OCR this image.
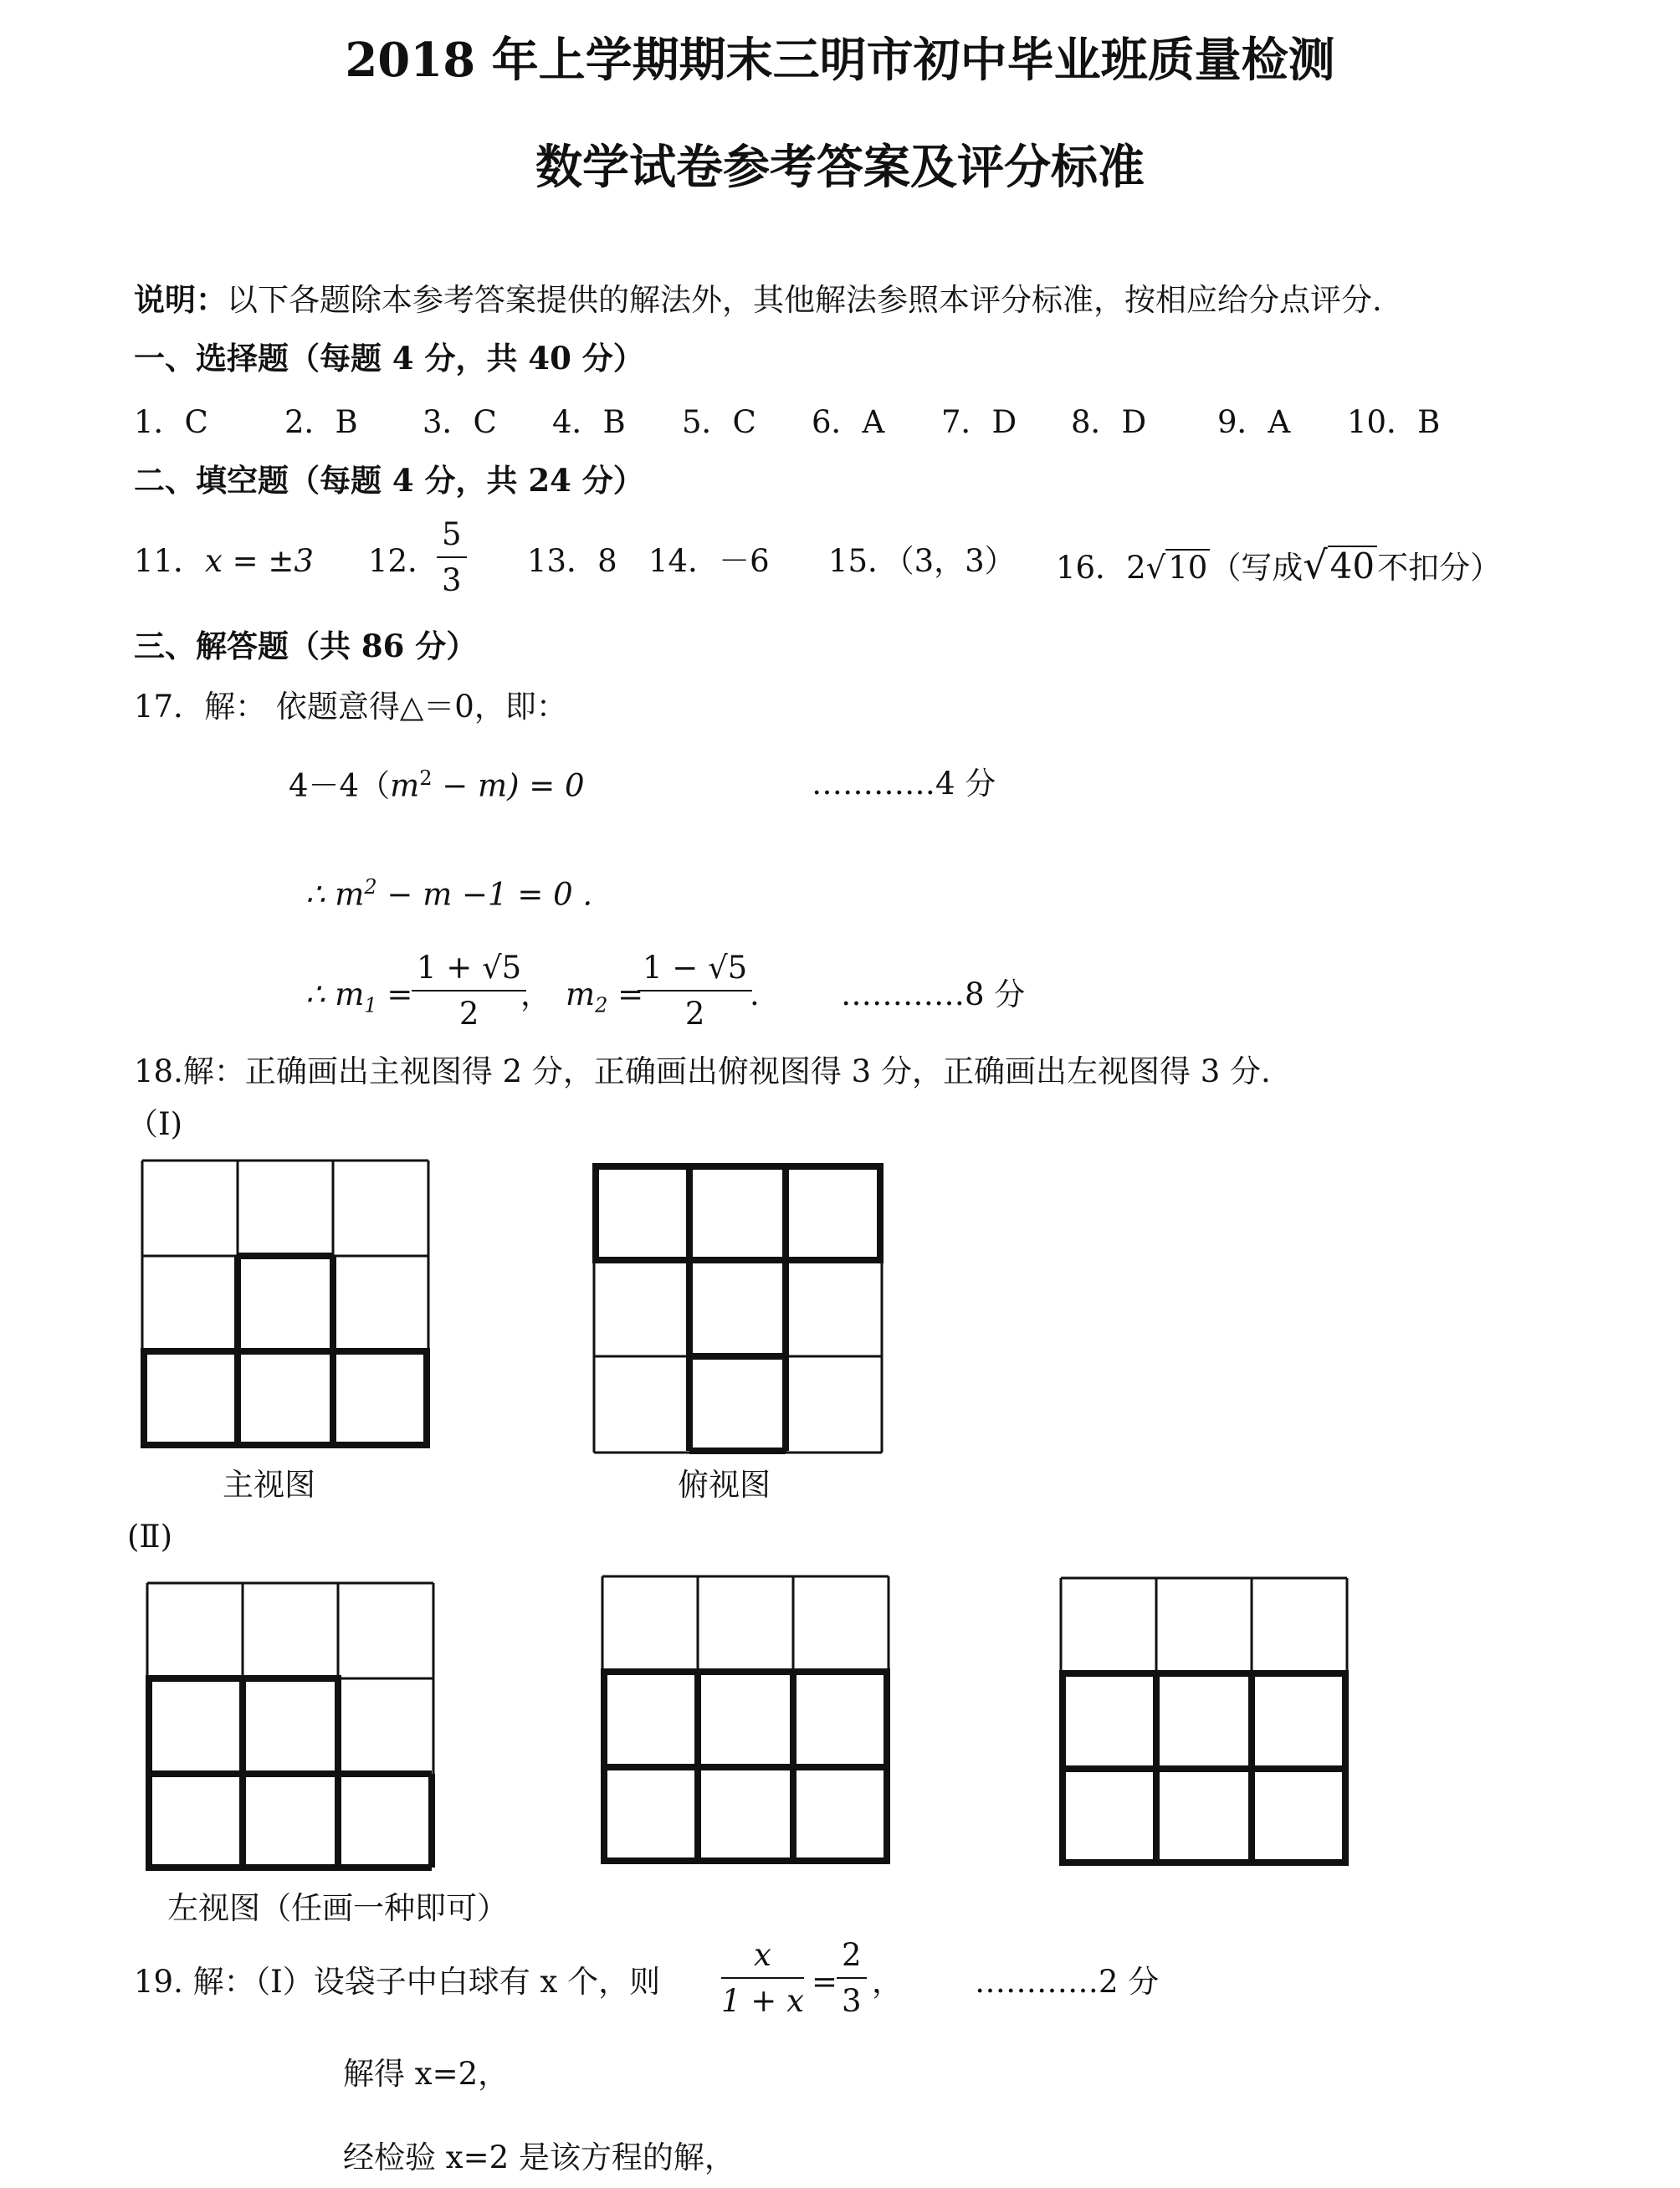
2018 年上学期期末三明市初中毕业班质量检测
数学试卷参考答案及评分标准
说明：以下各题除本参考答案提供的解法外，其他解法参照本评分标准，按相应给分点评分.
一、选择题（每题 4 分，共 40 分）
1．C 2．B 3．C 4．B 5．C 6．A 7．D 8．D 9．A 10．B
二、填空题（每题 4 分，共 24 分）
11． x = ±3 12．
$\frac{5}{3} 13$．8 14．－6 15．（3，3） 16．2√10（写成√40不扣分）
三、解答题（共 86 分）
17．解： 依题意得△＝0，即：
$4-4(m^2 - m) = 0$	…………4 分
∴ $m^2 - m -1 = 0$ .
∴ $m_1$ =
$\frac{1 + √5}{2}$
， $m_2$ =
$\frac{1 - √5}{2}$
.	…………8 分
18.解：正确画出主视图得 2 分，正确画出俯视图得 3 分，正确画出左视图得 3 分.
（Ⅰ)
主视图	俯视图
(Ⅱ)
左视图（任画一种即可）
19. 解：（Ⅰ）设袋子中白球有 x 个，则 $\frac{x}{1 + x}$ =
$\frac{2}{3}$ ， …………2 分
解得 x=2，
经检验 x=2 是该方程的解，
